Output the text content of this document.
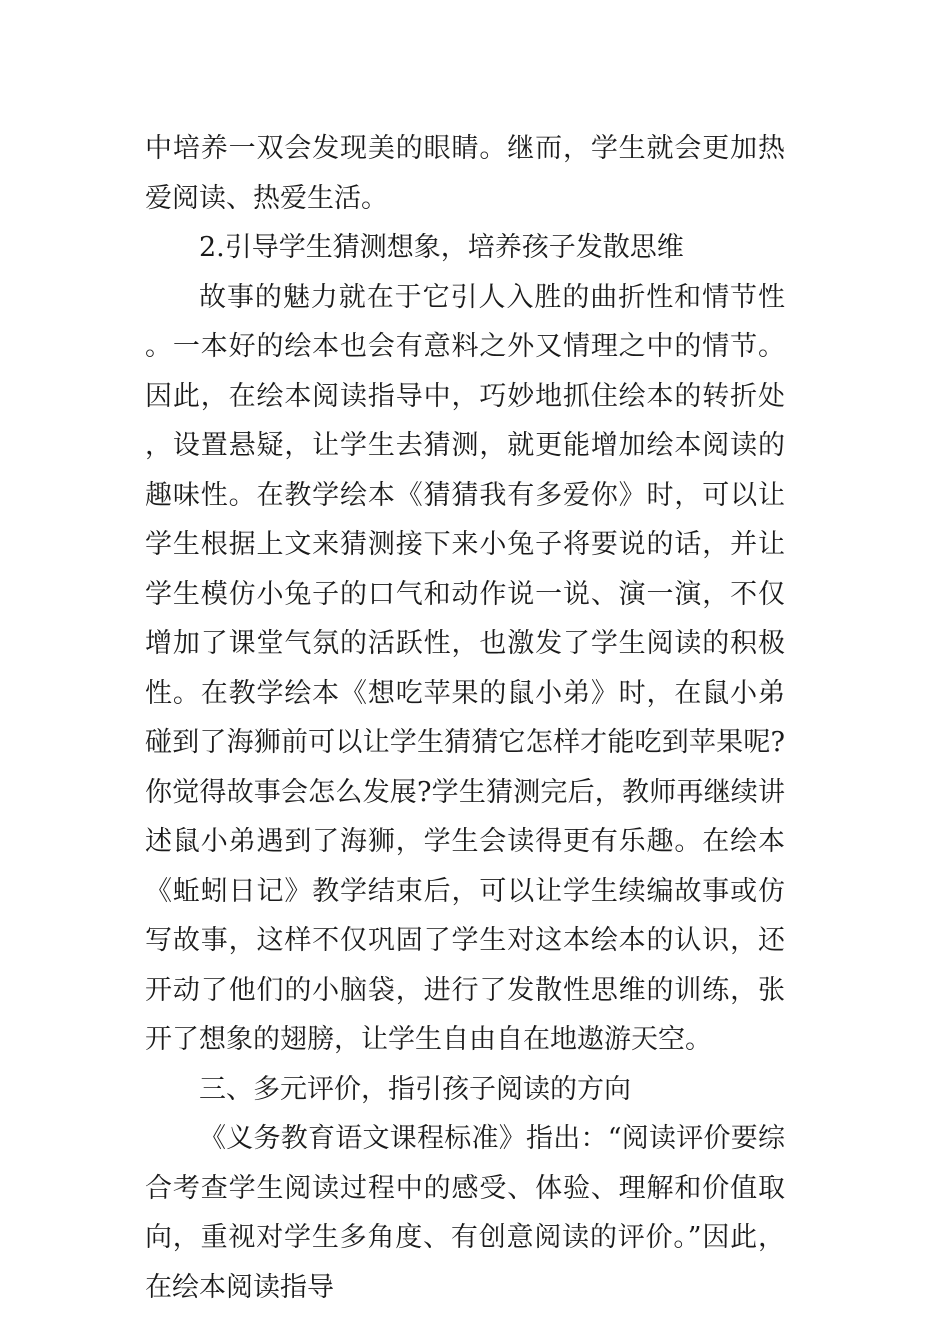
中培养一双会发现美的眼睛。继而，学生就会更加热爱阅读、热爱生活。

2.引导学生猜测想象，培养孩子发散思维

故事的魅力就在于它引人入胜的曲折性和情节性。一本好的绘本也会有意料之外又情理之中的情节。因此，在绘本阅读指导中，巧妙地抓住绘本的转折处，设置悬疑，让学生去猜测，就更能增加绘本阅读的趣味性。在教学绘本《猜猜我有多爱你》时，可以让学生根据上文来猜测接下来小兔子将要说的话，并让学生模仿小兔子的口气和动作说一说、演一演，不仅增加了课堂气氛的活跃性，也激发了学生阅读的积极性。在教学绘本《想吃苹果的鼠小弟》时，在鼠小弟碰到了海狮前可以让学生猜猜它怎样才能吃到苹果呢?你觉得故事会怎么发展?学生猜测完后，教师再继续讲述鼠小弟遇到了海狮，学生会读得更有乐趣。在绘本《蚯蚓日记》教学结束后，可以让学生续编故事或仿写故事，这样不仅巩固了学生对这本绘本的认识，还开动了他们的小脑袋，进行了发散性思维的训练，张开了想象的翅膀，让学生自由自在地遨游天空。

三、多元评价，指引孩子阅读的方向

《义务教育语文课程标准》指出：“阅读评价要综合考查学生阅读过程中的感受、体验、理解和价值取向，重视对学生多角度、有创意阅读的评价。”因此，在绘本阅读指导
